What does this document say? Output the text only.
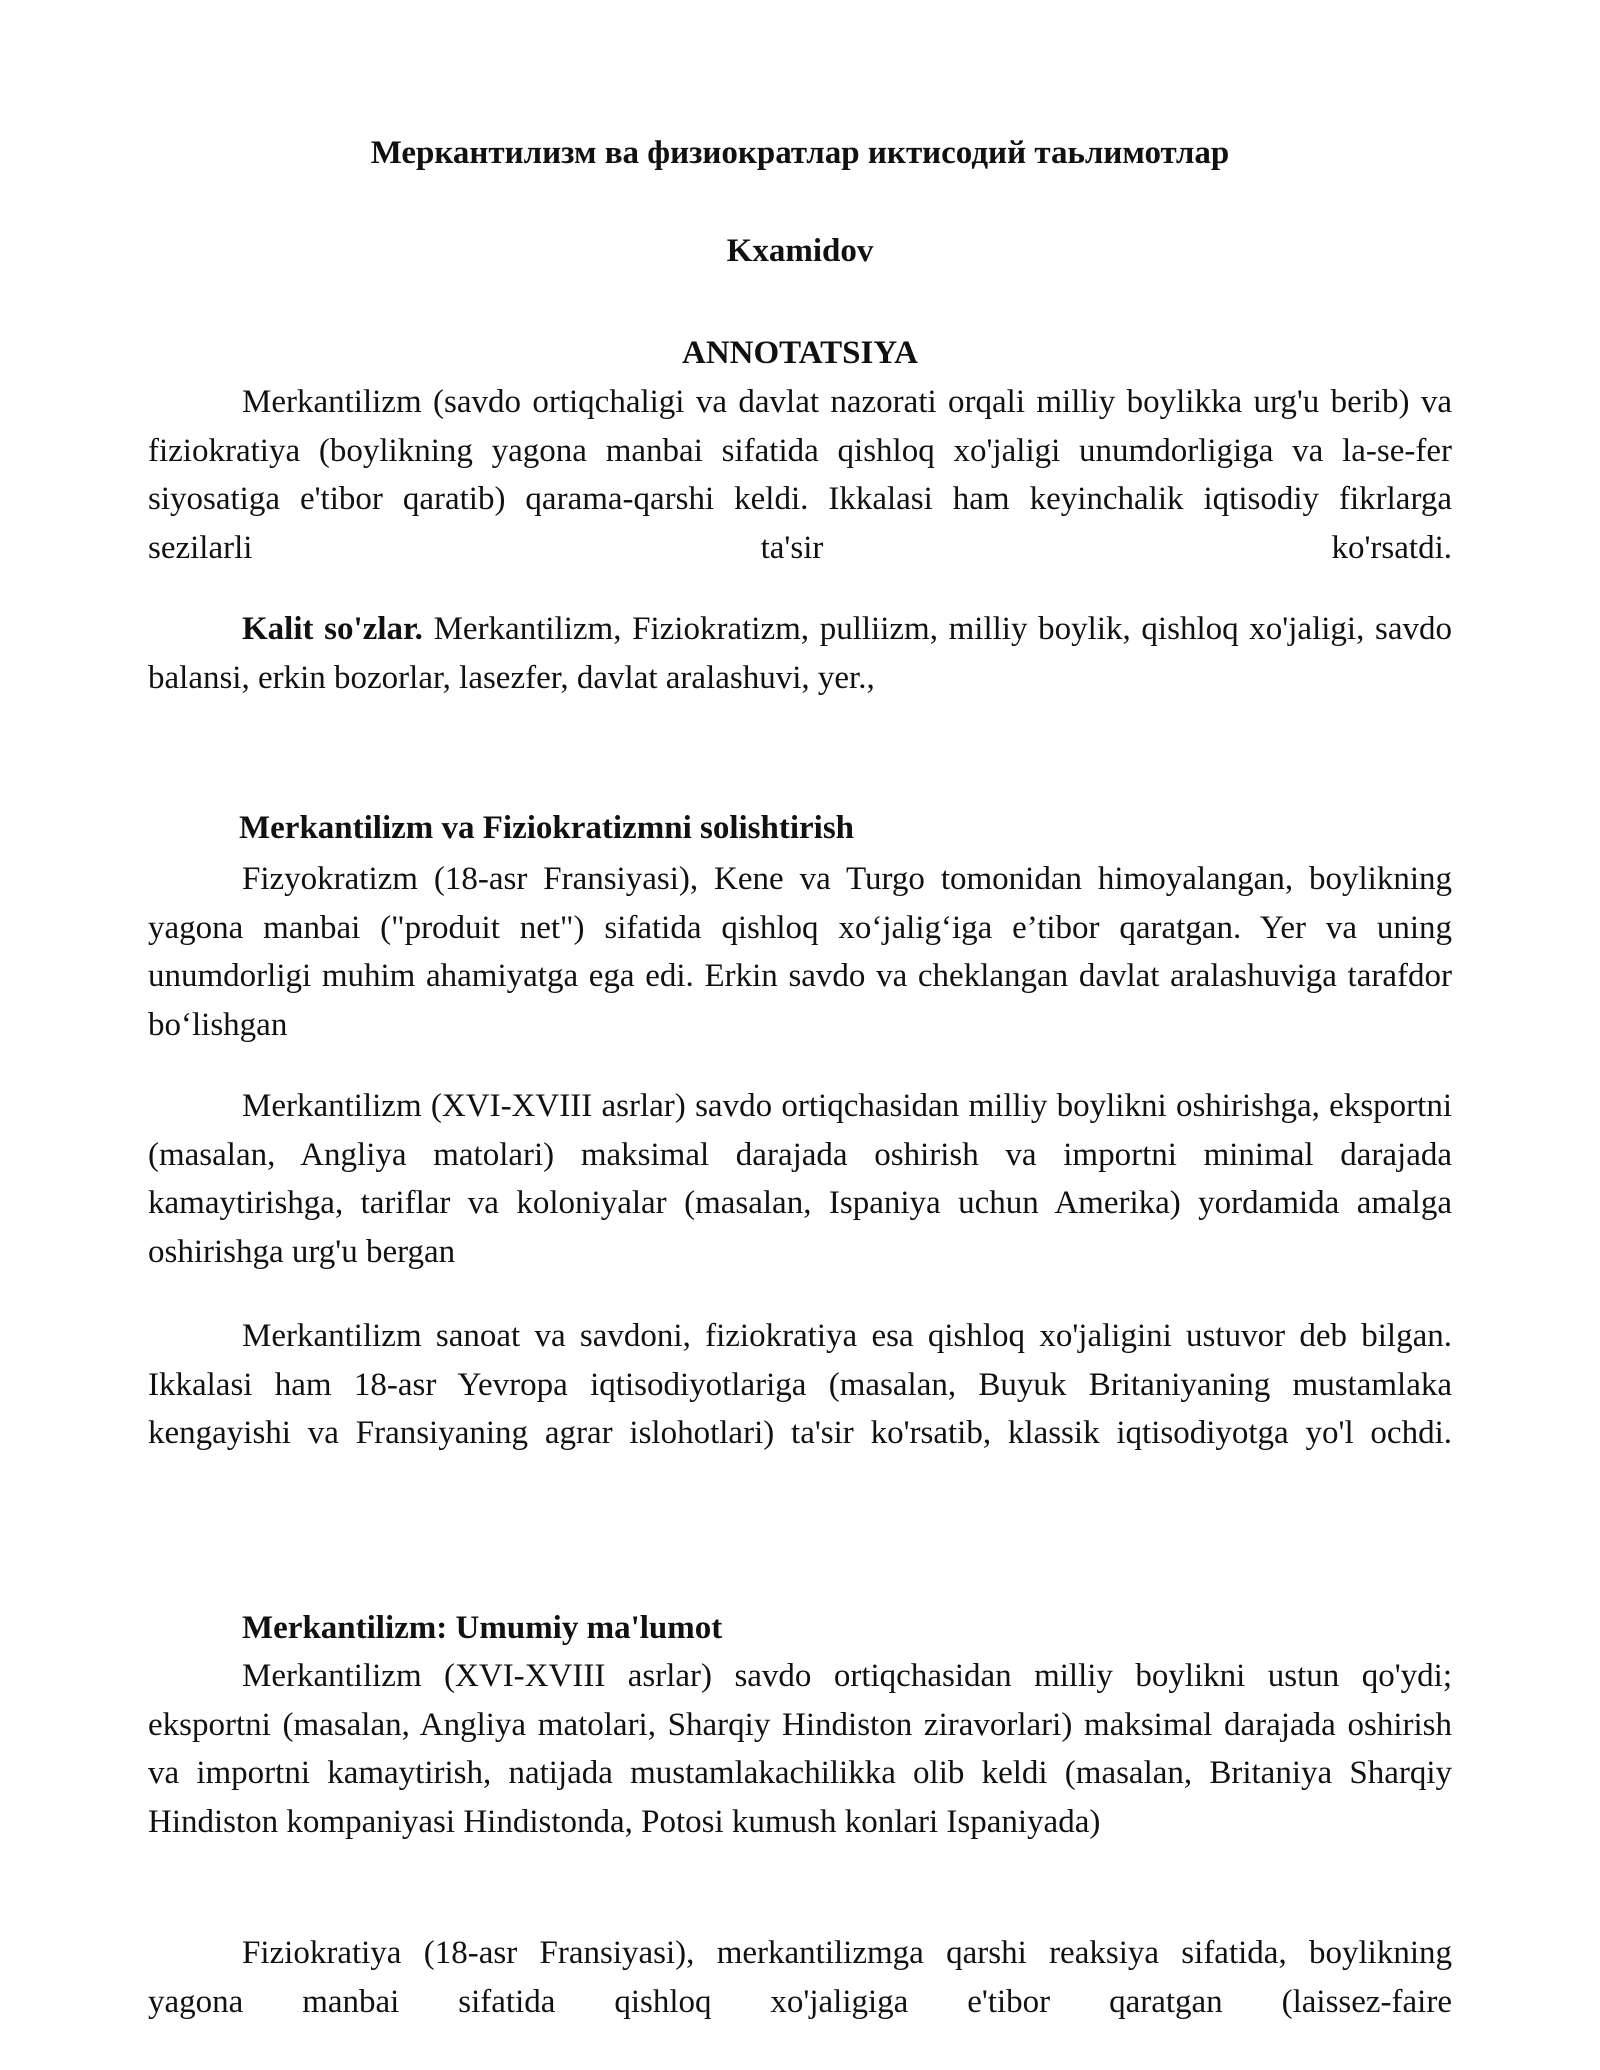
Меркантилизм ва физиократлар иктисодий таьлимотлар
Kxamidov
ANNOTATSIYA

Merkantilizm (savdo ortiqchaligi va davlat nazorati orqali milliy boylikka urg'u berib) va fiziokratiya (boylikning yagona manbai sifatida qishloq xo'jaligi unumdorligiga va la-se-fer siyosatiga e'tibor qaratib) qarama-qarshi keldi. Ikkalasi ham keyinchalik iqtisodiy fikrlarga sezilarli ta'sir ko'rsatdi.

Kalit so'zlar. Merkantilizm, Fiziokratizm, pulliizm, milliy boylik, qishloq xo'jaligi, savdo balansi, erkin bozorlar, lasezfer, davlat aralashuvi, yer.,

Merkantilizm va Fiziokratizmni solishtirish

Fizyokratizm (18-asr Fransiyasi), Kene va Turgo tomonidan himoyalangan, boylikning yagona manbai ("produit net") sifatida qishloq xo‘jalig‘iga e’tibor qaratgan. Yer va uning unumdorligi muhim ahamiyatga ega edi. Erkin savdo va cheklangan davlat aralashuviga tarafdor bo‘lishgan

Merkantilizm (XVI-XVIII asrlar) savdo ortiqchasidan milliy boylikni oshirishga, eksportni (masalan, Angliya matolari) maksimal darajada oshirish va importni minimal darajada kamaytirishga, tariflar va koloniyalar (masalan, Ispaniya uchun Amerika) yordamida amalga oshirishga urg'u bergan

Merkantilizm sanoat va savdoni, fiziokratiya esa qishloq xo'jaligini ustuvor deb bilgan. Ikkalasi ham 18-asr Yevropa iqtisodiyotlariga (masalan, Buyuk Britaniyaning mustamlaka kengayishi va Fransiyaning agrar islohotlari) ta'sir ko'rsatib, klassik iqtisodiyotga yo'l ochdi.

Merkantilizm: Umumiy ma'lumot

Merkantilizm (XVI-XVIII asrlar) savdo ortiqchasidan milliy boylikni ustun qo'ydi; eksportni (masalan, Angliya matolari, Sharqiy Hindiston ziravorlari) maksimal darajada oshirish va importni kamaytirish, natijada mustamlakachilikka olib keldi (masalan, Britaniya Sharqiy Hindiston kompaniyasi Hindistonda, Potosi kumush konlari Ispaniyada)

Fiziokratiya (18-asr Fransiyasi), merkantilizmga qarshi reaksiya sifatida, boylikning yagona manbai sifatida qishloq xo'jaligiga e'tibor qaratgan (laissez-faire
